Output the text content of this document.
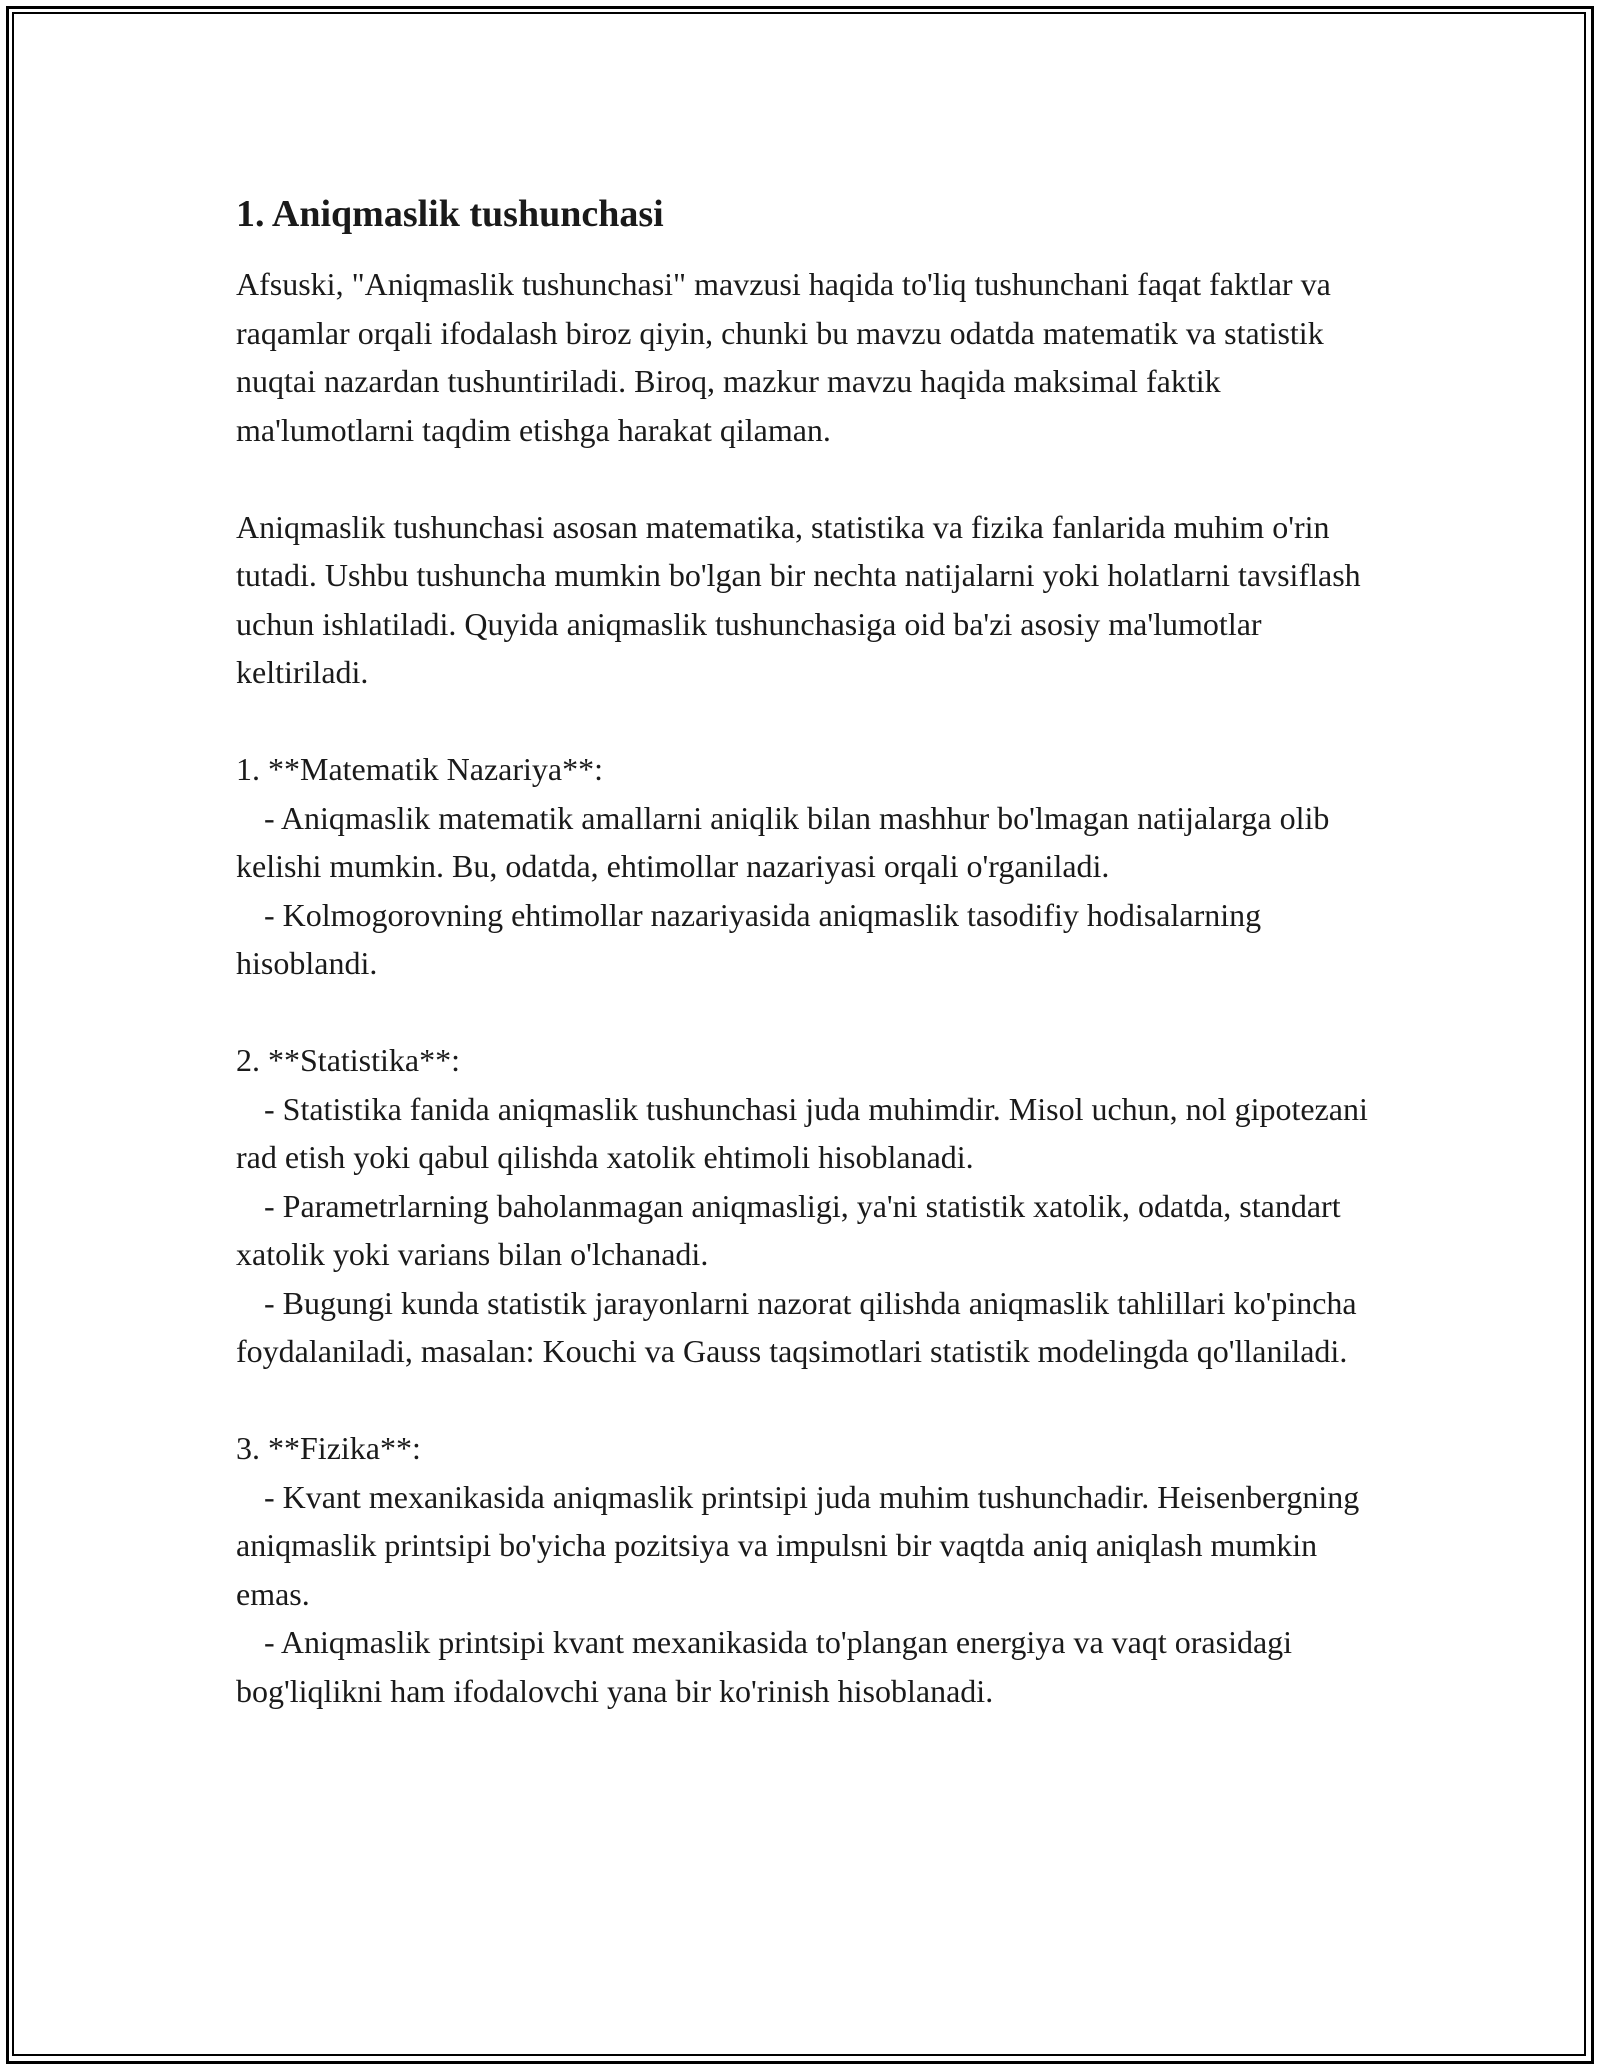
1. Aniqmaslik tushunchasi
Afsuski, "Aniqmaslik tushunchasi" mavzusi haqida to'liq tushunchani faqat faktlar va raqamlar orqali ifodalash biroz qiyin, chunki bu mavzu odatda matematik va statistik nuqtai nazardan tushuntiriladi. Biroq, mazkur mavzu haqida maksimal faktik ma'lumotlarni taqdim etishga harakat qilaman.
Aniqmaslik tushunchasi asosan matematika, statistika va fizika fanlarida muhim o'rin tutadi. Ushbu tushuncha mumkin bo'lgan bir nechta natijalarni yoki holatlarni tavsiflash uchun ishlatiladi. Quyida aniqmaslik tushunchasiga oid ba'zi asosiy ma'lumotlar keltiriladi.
1. **Matematik Nazariya**:
- Aniqmaslik matematik amallarni aniqlik bilan mashhur bo'lmagan natijalarga olib kelishi mumkin. Bu, odatda, ehtimollar nazariyasi orqali o'rganiladi.
- Kolmogorovning ehtimollar nazariyasida aniqmaslik tasodifiy hodisalarning hisoblandi.
2. **Statistika**:
- Statistika fanida aniqmaslik tushunchasi juda muhimdir. Misol uchun, nol gipotezani rad etish yoki qabul qilishda xatolik ehtimoli hisoblanadi.
- Parametrlarning baholanmagan aniqmasligi, ya'ni statistik xatolik, odatda, standart xatolik yoki varians bilan o'lchanadi.
- Bugungi kunda statistik jarayonlarni nazorat qilishda aniqmaslik tahlillari ko'pincha foydalaniladi, masalan: Kouchi va Gauss taqsimotlari statistik modelingda qo'llaniladi.
3. **Fizika**:
- Kvant mexanikasida aniqmaslik printsipi juda muhim tushunchadir. Heisenbergning aniqmaslik printsipi bo'yicha pozitsiya va impulsni bir vaqtda aniq aniqlash mumkin emas.
- Aniqmaslik printsipi kvant mexanikasida to'plangan energiya va vaqt orasidagi bog'liqlikni ham ifodalovchi yana bir ko'rinish hisoblanadi.
